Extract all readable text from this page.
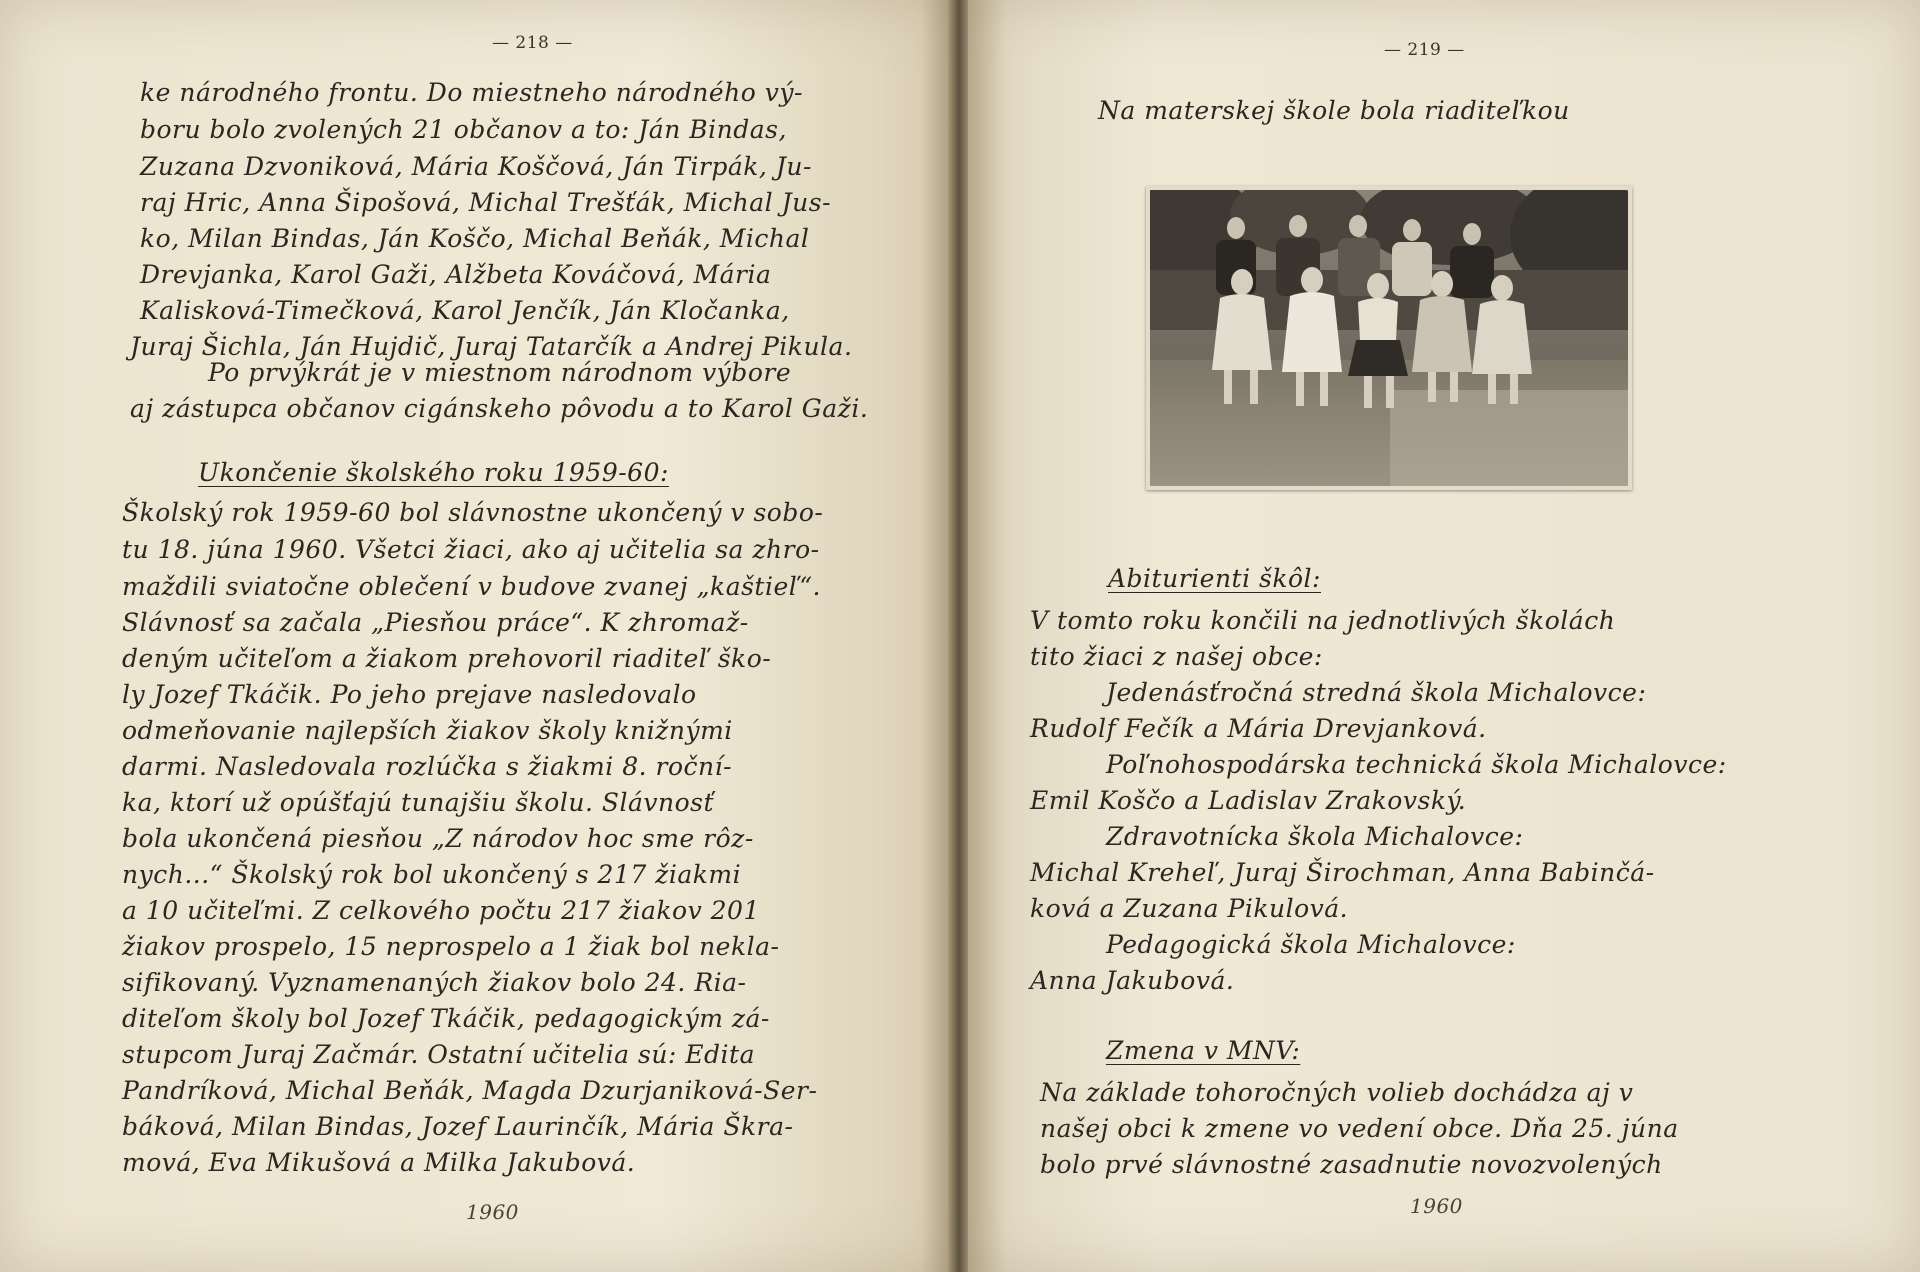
— 218 —
ke národného frontu. Do miestneho národného vý-
boru bolo zvolených 21 občanov a to: Ján Bindas,
Zuzana Dzvoniková, Mária Koščová, Ján Tirpák, Ju-
raj Hric, Anna Šipošová, Michal Trešťák, Michal Jus-
ko, Milan Bindas, Ján Koščo, Michal Beňák, Michal
Drevjanka, Karol Gaži, Alžbeta Kováčová, Mária
Kalisková-Timečková, Karol Jenčík, Ján Kločanka,
Juraj Šichla, Ján Hujdič, Juraj Tatarčík a Andrej Pikula.
Po prvýkrát je v miestnom národnom výbore
aj zástupca občanov cigánskeho pôvodu a to Karol Gaži.
Ukončenie školského roku 1959-60:
Školský rok 1959-60 bol slávnostne ukončený v sobo-
tu 18. júna 1960. Všetci žiaci, ako aj učitelia sa zhro-
maždili sviatočne oblečení v budove zvanej „kaštieľ“.
Slávnosť sa začala „Piesňou práce“. K zhromaž-
deným učiteľom a žiakom prehovoril riaditeľ ško-
ly Jozef Tkáčik. Po jeho prejave nasledovalo
odmeňovanie najlepších žiakov školy knižnými
darmi. Nasledovala rozlúčka s žiakmi 8. roční-
ka, ktorí už opúšťajú tunajšiu školu. Slávnosť
bola ukončená piesňou „Z národov hoc sme rôz-
nych...“ Školský rok bol ukončený s 217 žiakmi
a 10 učiteľmi. Z celkového počtu 217 žiakov 201
žiakov prospelo, 15 neprospelo a 1 žiak bol nekla-
sifikovaný. Vyznamenaných žiakov bolo 24. Ria-
diteľom školy bol Jozef Tkáčik, pedagogickým zá-
stupcom Juraj Začmár. Ostatní učitelia sú: Edita
Pandríková, Michal Beňák, Magda Dzurjaniková-Ser-
báková, Milan Bindas, Jozef Laurinčík, Mária Škra-
mová, Eva Mikušová a Milka Jakubová.
1960
— 219 —
Na materskej škole bola riaditeľkou
Abiturienti škôl:
V tomto roku končili na jednotlivých školách
tito žiaci z našej obce:
Jedenásťročná stredná škola Michalovce:
Rudolf Fečík a Mária Drevjanková.
Poľnohospodárska technická škola Michalovce:
Emil Koščo a Ladislav Zrakovský.
Zdravotnícka škola Michalovce:
Michal Kreheľ, Juraj Širochman, Anna Babinčá-
ková a Zuzana Pikulová.
Pedagogická škola Michalovce:
Anna Jakubová.
Zmena v MNV:
Na základe tohoročných volieb dochádza aj v
našej obci k zmene vo vedení obce. Dňa 25. júna
bolo prvé slávnostné zasadnutie novozvolených
1960
